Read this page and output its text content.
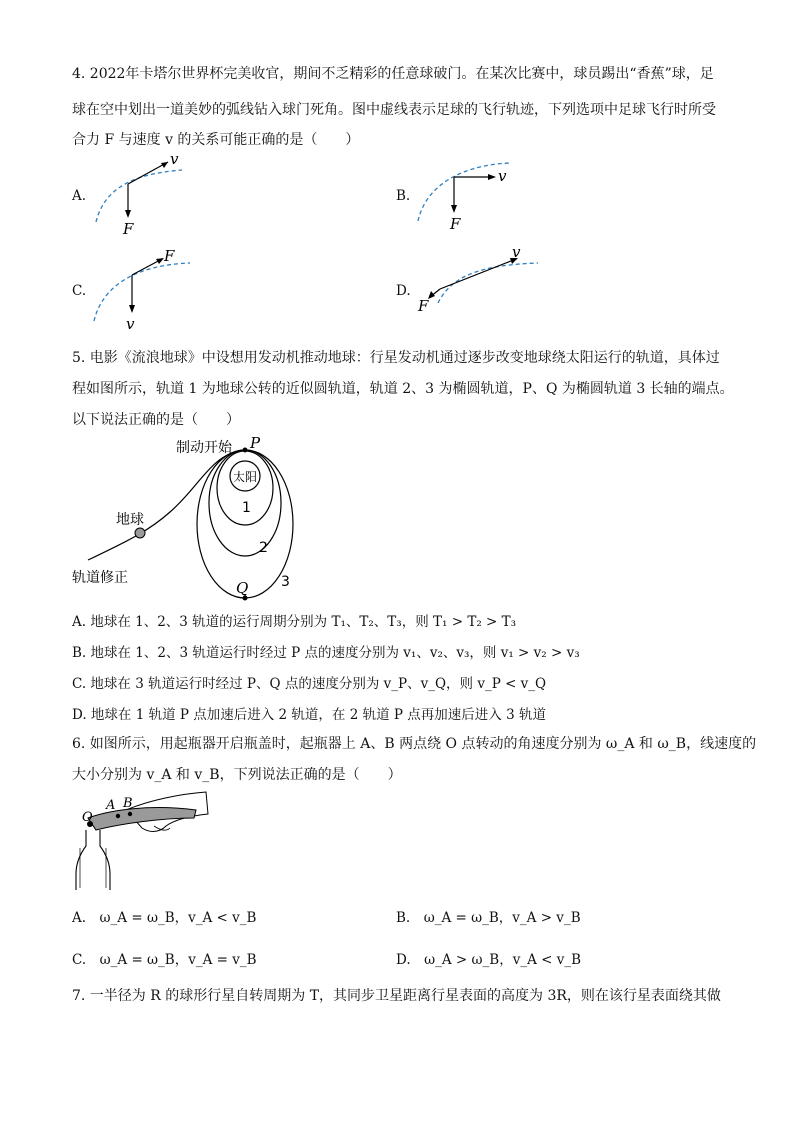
4. 2022年卡塔尔世界杯完美收官，期间不乏精彩的任意球破门。在某次比赛中，球员踢出“香蕉”球，足
球在空中划出一道美妙的弧线钻入球门死角。图中虚线表示足球的飞行轨迹，下列选项中足球飞行时所受
合力 F 与速度 v 的关系可能正确的是（　　）
A.
v
F
B.
v
F
C.
F
v
D.
v
F
5. 电影《流浪地球》中设想用发动机推动地球：行星发动机通过逐步改变地球绕太阳运行的轨道，具体过
程如图所示，轨道 1 为地球公转的近似圆轨道，轨道 2、3 为椭圆轨道，P、Q 为椭圆轨道 3 长轴的端点。
以下说法正确的是（　　）
制动开始 P
太阳
1
2
3
Q
地球
轨道修正
A. 地球在 1、2、3 轨道的运行周期分别为 T₁、T₂、T₃，则 T₁ > T₂ > T₃
B. 地球在 1、2、3 轨道运行时经过 P 点的速度分别为 v₁、v₂、v₃，则 v₁ > v₂ > v₃
C. 地球在 3 轨道运行时经过 P、Q 点的速度分别为 v_P、v_Q，则 v_P < v_Q
D. 地球在 1 轨道 P 点加速后进入 2 轨道，在 2 轨道 P 点再加速后进入 3 轨道
6. 如图所示，用起瓶器开启瓶盖时，起瓶器上 A、B 两点绕 O 点转动的角速度分别为 ω_A 和 ω_B，线速度的
大小分别为 v_A 和 v_B，下列说法正确的是（　　）
A B
O
A.　ω_A = ω_B，v_A < v_B	B.　ω_A = ω_B，v_A > v_B
C.　ω_A = ω_B，v_A = v_B	D.　ω_A > ω_B，v_A < v_B
7. 一半径为 R 的球形行星自转周期为 T，其同步卫星距离行星表面的高度为 3R，则在该行星表面绕其做
